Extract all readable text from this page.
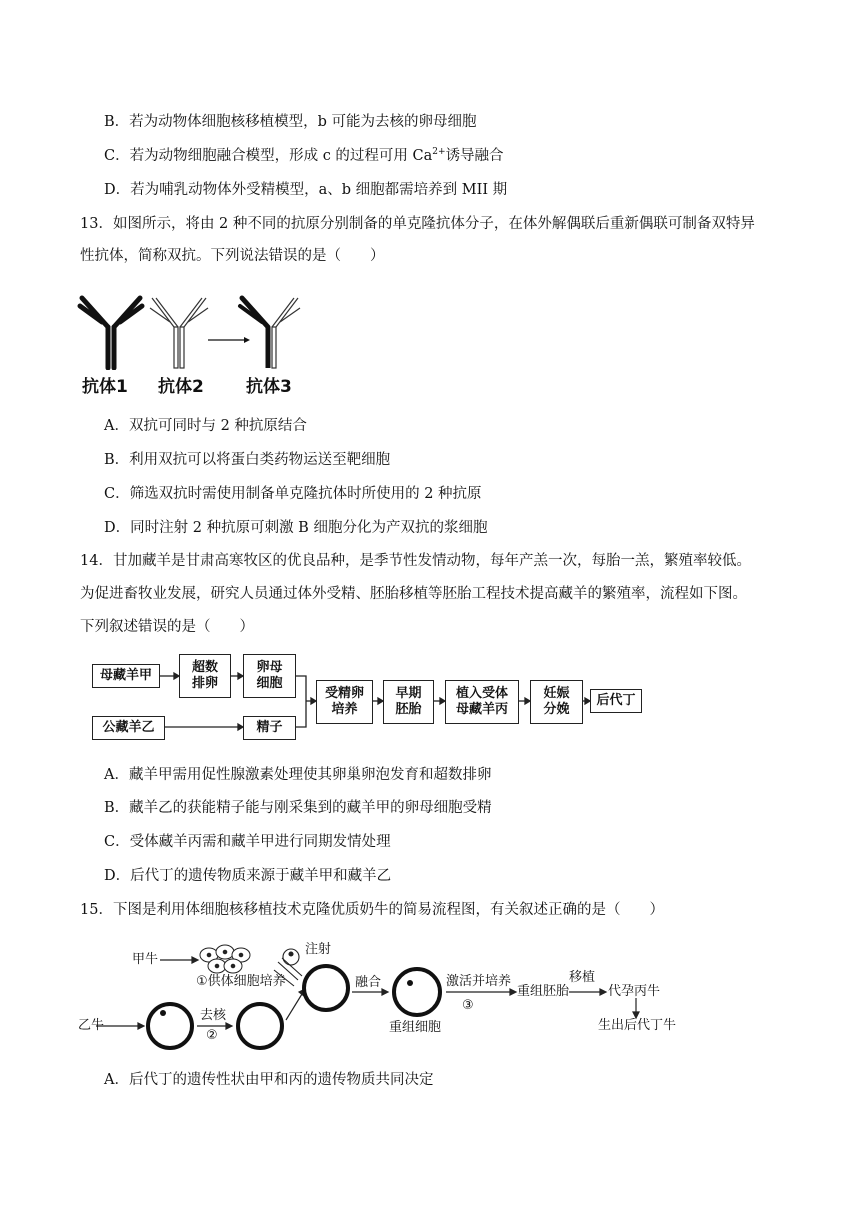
B．若为动物体细胞核移植模型，b 可能为去核的卵母细胞
C．若为动物细胞融合模型，形成 c 的过程可用 $Ca^{2+}$诱导融合
D．若为哺乳动物体外受精模型，a、b 细胞都需培养到 MII 期
13．如图所示，将由 2 种不同的抗原分别制备的单克隆抗体分子，在体外解偶联后重新偶联可制备双特异
性抗体，简称双抗。下列说法错误的是（　　）
抗体1 抗体2 抗体3
A．双抗可同时与 2 种抗原结合
B．利用双抗可以将蛋白类药物运送至靶细胞
C．筛选双抗时需使用制备单克隆抗体时所使用的 2 种抗原
D．同时注射 2 种抗原可刺激 B 细胞分化为产双抗的浆细胞
14．甘加藏羊是甘肃高寒牧区的优良品种，是季节性发情动物，每年产羔一次，每胎一羔，繁殖率较低。
为促进畜牧业发展，研究人员通过体外受精、胚胎移植等胚胎工程技术提高藏羊的繁殖率，流程如下图。
下列叙述错误的是（　　）
母藏羊甲
超数
排卵
卵母
细胞
公藏羊乙	精子
受精卵
培养
早期
胚胎
植入受体
母藏羊丙
妊娠
分娩
后代丁
A．藏羊甲需用促性腺激素处理使其卵巢卵泡发育和超数排卵
B．藏羊乙的获能精子能与刚采集到的藏羊甲的卵母细胞受精
C．受体藏羊丙需和藏羊甲进行同期发情处理
D．后代丁的遗传物质来源于藏羊甲和藏羊乙
15．下图是利用体细胞核移植技术克隆优质奶牛的简易流程图，有关叙述正确的是（　　）
甲牛
①供体细胞培养
注射
乙牛
去核
②
融合
重组细胞
激活并培养
③
重组胚胎
移植
代孕丙牛
生出后代丁牛
A．后代丁的遗传性状由甲和丙的遗传物质共同决定
